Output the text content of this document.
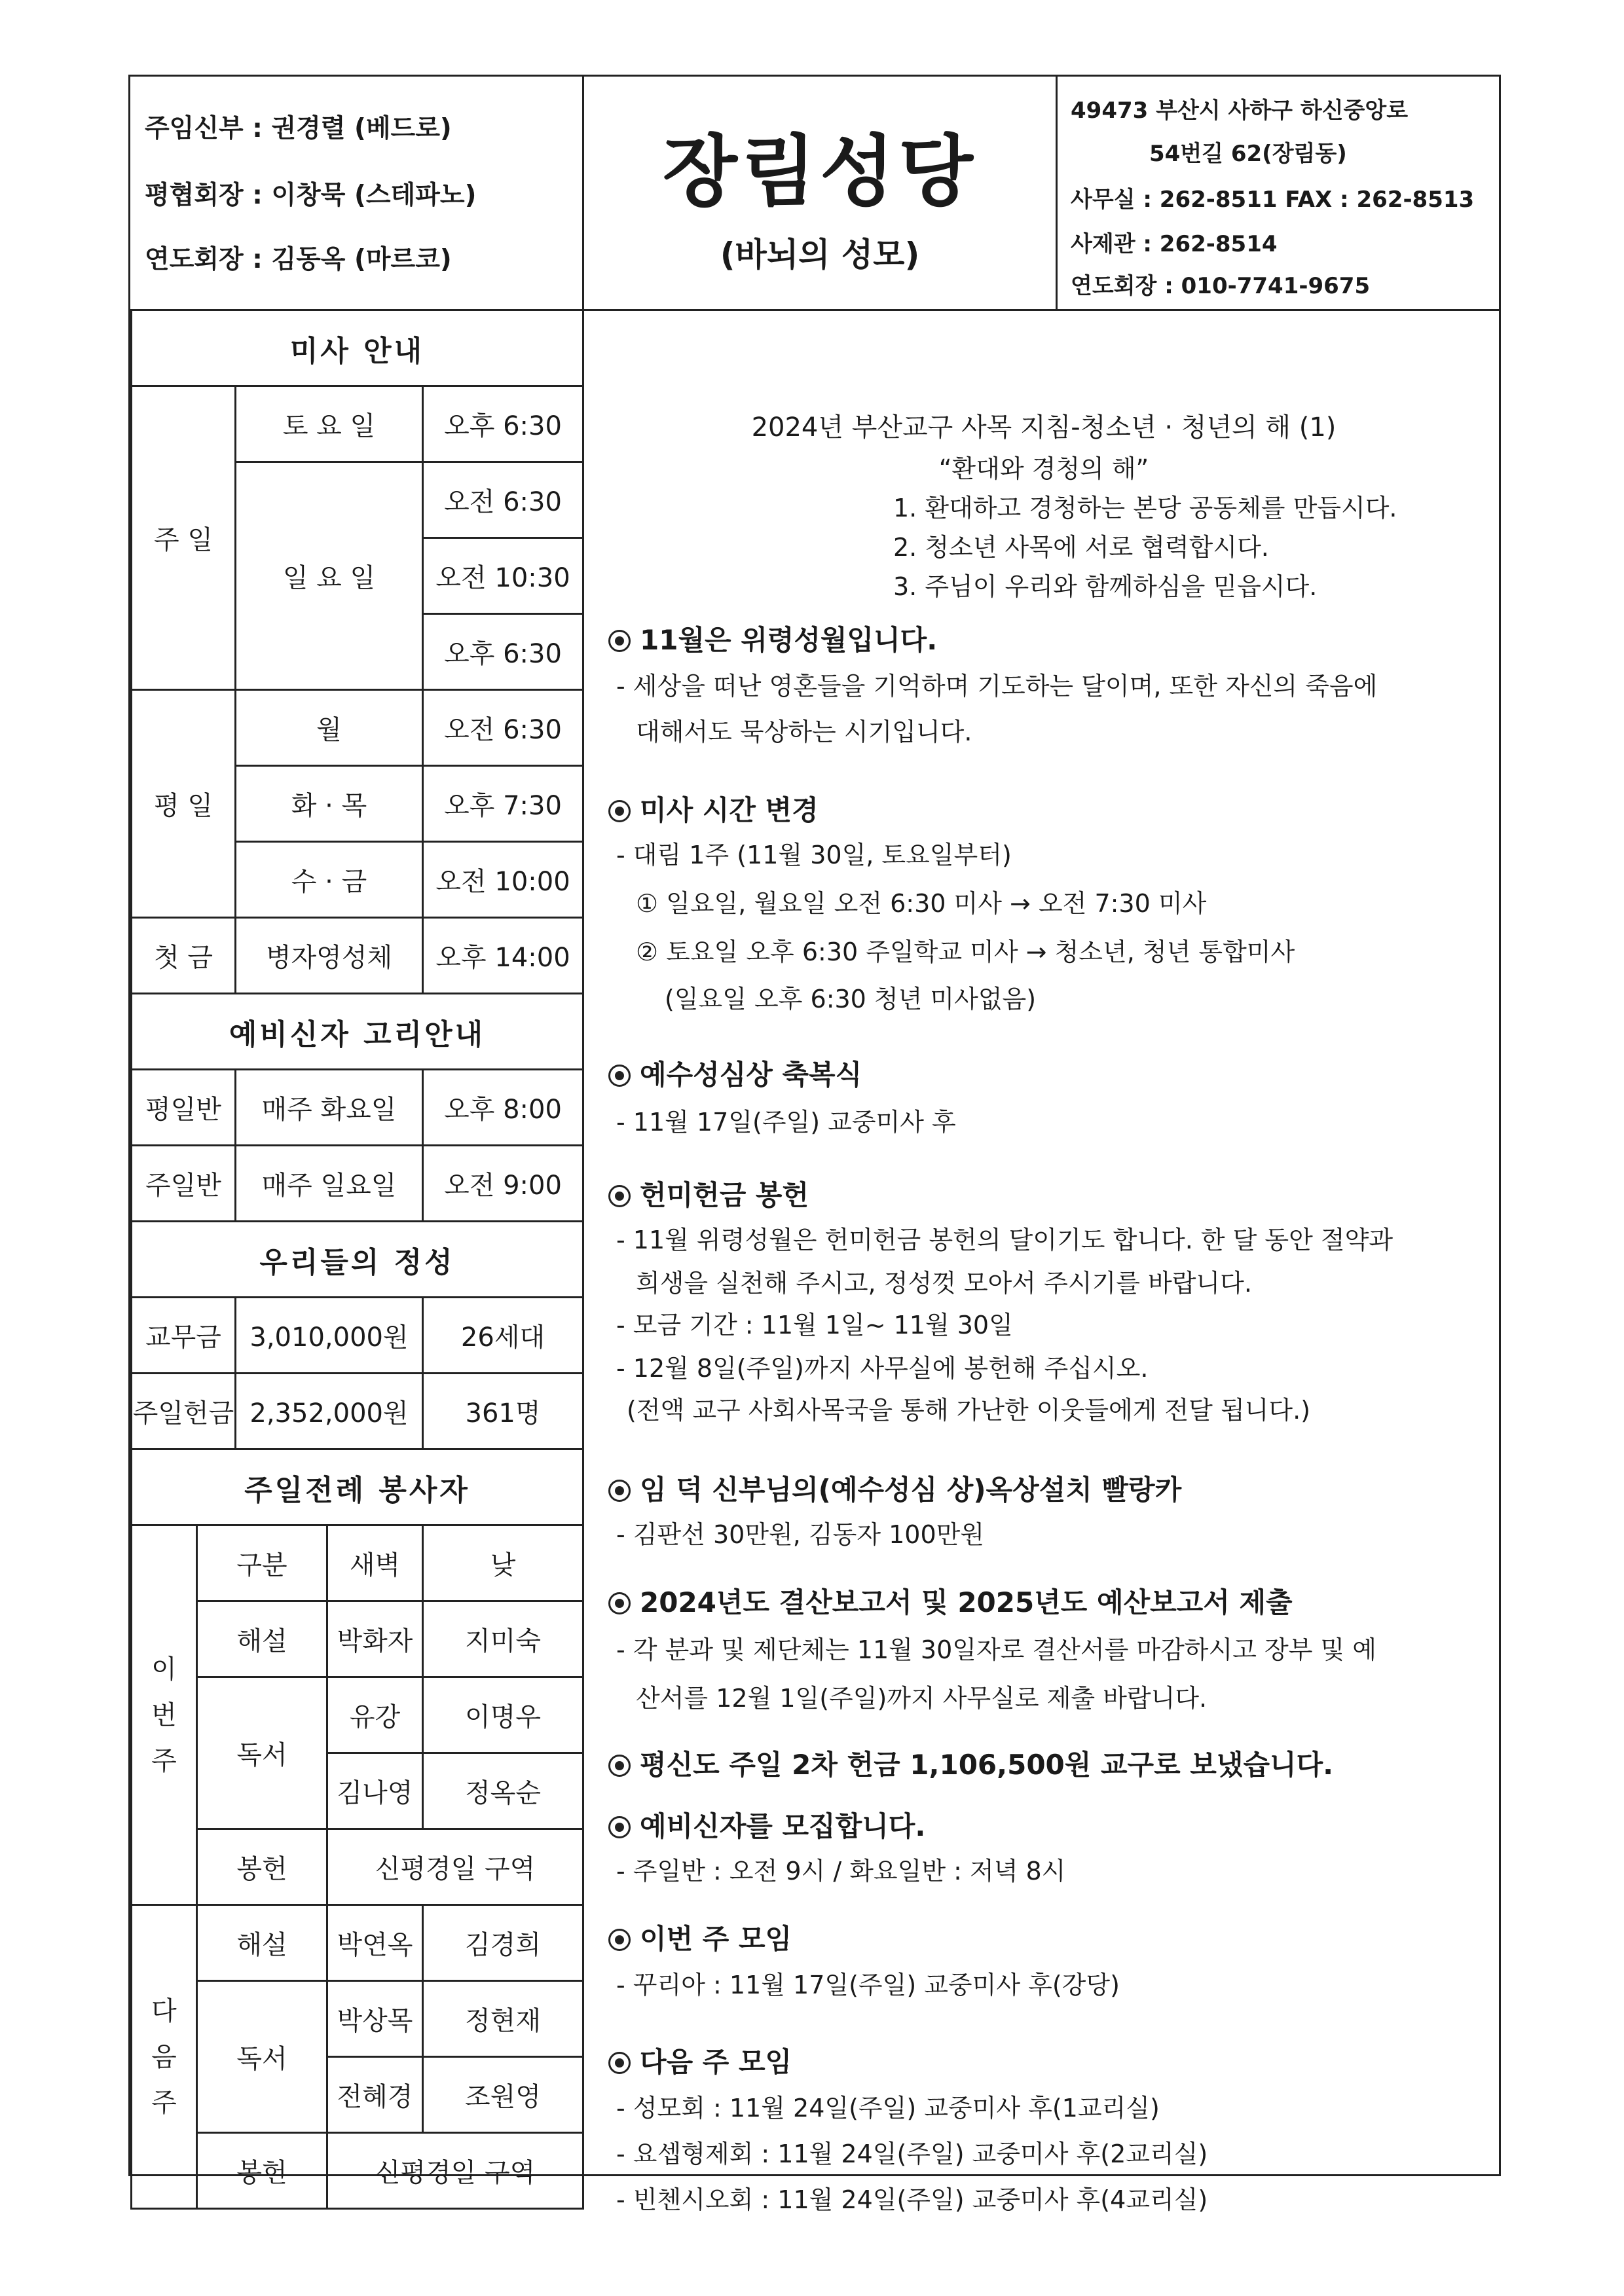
주임신부 : 권경렬 (베드로)
평협회장 : 이창묵 (스테파노)
연도회장 : 김동옥 (마르코)
장림성당
(바뇌의 성모)
49473 부산시 사하구 하신중앙로
54번길 62(장림동)
사무실 : 262-8511 FAX : 262-8513
사제관 : 262-8514
연도회장 : 010-7741-9675
미사 안내				
주 일		토 요 일		오후 6:30
		일 요 일		오전 6:30
				오전 10:30
				오후 6:30
평 일		월		오전 6:30
		화 · 목		오후 7:30
		수 · 금		오전 10:00
첫 금		병자영성체		오후 14:00
예비신자 고리안내				
평일반		매주 화요일		오후 8:00
주일반		매주 일요일		오전 9:00
우리들의 정성				
교무금		3,010,000원		26세대
주일헌금		2,352,000원		361명
주일전례 봉사자				

이 번 주	구분		새벽	낮
	해설		박화자	지미숙
	독서		유강	이명우
			김나영	정옥순
	봉헌		신평경일 구역	

다 음 주	해설		박연옥	김경희
	독서		박상목	정현재
			전혜경	조원영
	봉헌		신평경일 구역	
2024년 부산교구 사목 지침-청소년 · 청년의 해 (1)
“환대와 경청의 해”
1. 환대하고 경청하는 본당 공동체를 만듭시다.
2. 청소년 사목에 서로 협력합시다.
3. 주님이 우리와 함께하심을 믿읍시다.
11월은 위령성월입니다.
- 세상을 떠난 영혼들을 기억하며 기도하는 달이며, 또한 자신의 죽음에
대해서도 묵상하는 시기입니다.
미사 시간 변경
- 대림 1주 (11월 30일, 토요일부터)
① 일요일, 월요일 오전 6:30 미사 → 오전 7:30 미사
② 토요일 오후 6:30 주일학교 미사 → 청소년, 청년 통합미사
(일요일 오후 6:30 청년 미사없음)
예수성심상 축복식
- 11월 17일(주일) 교중미사 후
헌미헌금 봉헌
- 11월 위령성월은 헌미헌금 봉헌의 달이기도 합니다. 한 달 동안 절약과
희생을 실천해 주시고, 정성껏 모아서 주시기를 바랍니다.
- 모금 기간 : 11월 1일~ 11월 30일
- 12월 8일(주일)까지 사무실에 봉헌해 주십시오.
(전액 교구 사회사목국을 통해 가난한 이웃들에게 전달 됩니다.)
임 덕 신부님의(예수성심 상)옥상설치 빨랑카
- 김판선 30만원, 김동자 100만원
2024년도 결산보고서 및 2025년도 예산보고서 제출
- 각 분과 및 제단체는 11월 30일자로 결산서를 마감하시고 장부 및 예
산서를 12월 1일(주일)까지 사무실로 제출 바랍니다.
평신도 주일 2차 헌금 1,106,500원 교구로 보냈습니다.
예비신자를 모집합니다.
- 주일반 : 오전 9시 / 화요일반 : 저녁 8시
이번 주 모임
- 꾸리아 : 11월 17일(주일) 교중미사 후(강당)
다음 주 모임
- 성모회 : 11월 24일(주일) 교중미사 후(1교리실)
- 요셉형제회 : 11월 24일(주일) 교중미사 후(2교리실)
- 빈첸시오회 : 11월 24일(주일) 교중미사 후(4교리실)
